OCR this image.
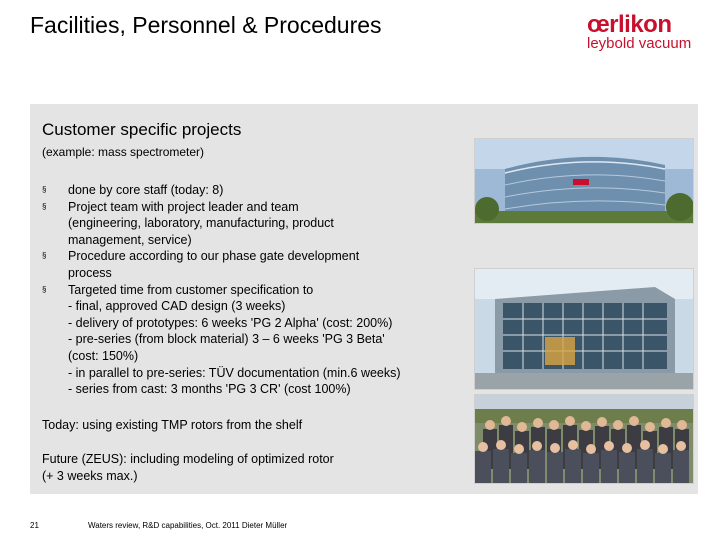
Facilities, Personnel & Procedures	œrlikon
leybold vacuum
Customer specific projects
(example: mass spectrometer)
§	done by core staff (today: 8)
§	Project team with project leader and team
(engineering, laboratory, manufacturing, product
management, service)
§	Procedure according to our phase gate development
process
§	Targeted time from customer specification to
- final, approved CAD design (3 weeks)
- delivery of prototypes: 6 weeks 'PG 2 Alpha' (cost: 200%)
- pre-series (from block material) 3 – 6 weeks 'PG 3 Beta'
(cost: 150%)
- in parallel to pre-series: TÜV documentation (min.6 weeks)
- series from cast: 3 months 'PG 3 CR' (cost 100%)
Today: using existing TMP rotors from the shelf
Future (ZEUS): including modeling of optimized rotor
(+ 3 weeks max.)
21	Waters review, R&D capabilities, Oct. 2011 Dieter Müller
